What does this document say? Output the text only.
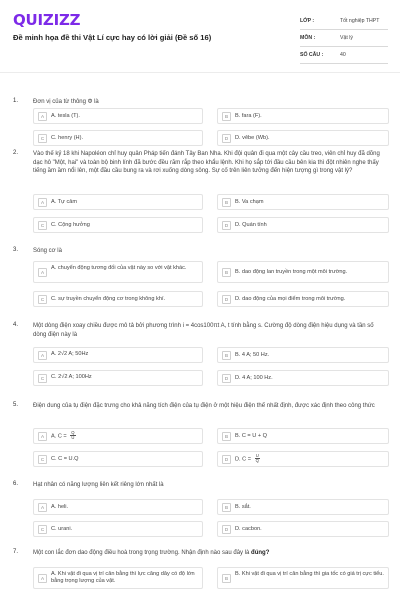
QUIZIZZ
Đề minh họa đề thi Vật Lí cực hay có lời giải (Đề số 16)
LỚP :	Tốt nghiệp THPT
MÔN :	Vật lý
SỐ CÂU :	40
1. Đơn vị của từ thông Φ là
A	A. tesla (T).	B	B. fara (F).
C	C. henry (H).	D	D. vêbe (Wb).
2. Vào thế kỷ 18 khi Napoléon chỉ huy quân Pháp tiến đánh Tây Ban Nha. Khi đội quân đi qua một cây cầu treo, viên chỉ huy đã dõng dạc hô "Một, hai" và toàn bộ binh lính đã bước đều răm rắp theo khẩu lệnh. Khi họ sắp tới đầu cầu bên kia thì đột nhiên nghe thấy tiếng ầm ầm nổi lên, một đầu cầu bung ra và rơi xuống dòng sông. Sự cố trên liên tưởng đến hiện tượng gì trong vật lý?
A	A. Tự cảm	B	B. Va chạm
C	C. Cộng hưởng	D	D. Quán tính
3. Sóng cơ là
A
A. chuyển động tương đối của vật này so với vật khác.
B	B. dao động lan truyền trong một môi trường.
C	C. sự truyền chuyển động cơ trong không khí.	D	D. dao động của mọi điểm trong môi trường.
4. Một dòng điện xoay chiều được mô tả bởi phương trình i = 4cos100πt A, t tính bằng s. Cường độ dòng điện hiệu dụng và tần số dòng điện này là
A	A. 2√2 A; 50Hz	B	B. 4 A; 50 Hz.
C	C. 2√2 A; 100Hz	D	D. 4 A; 100 Hz.
5. Điện dung của tụ điện đặc trưng cho khả năng tích điện của tụ điện ở một hiệu điện thế nhất định, được xác định theo công thức
A	A. $C = \frac{Q}{U}$	B	B. C = U + Q
C	C. C = U.Q	D	D. $C = \frac{U}{Q}$
6. Hạt nhân có năng lượng liên kết riêng lớn nhất là
A	A. heli.	B	B. sắt.
C	C. urani.	D	D. cacbon.
7. Một con lắc đơn dao động điều hoà trong trọng trường. Nhận định nào sau đây là đúng?
A
A. Khi vật đi qua vị trí cân bằng thì lực căng dây có độ lớn bằng trọng lượng của vật.	B
B. Khi vật đi qua vị trí cân bằng thì gia tốc có giá trị cực tiểu.
